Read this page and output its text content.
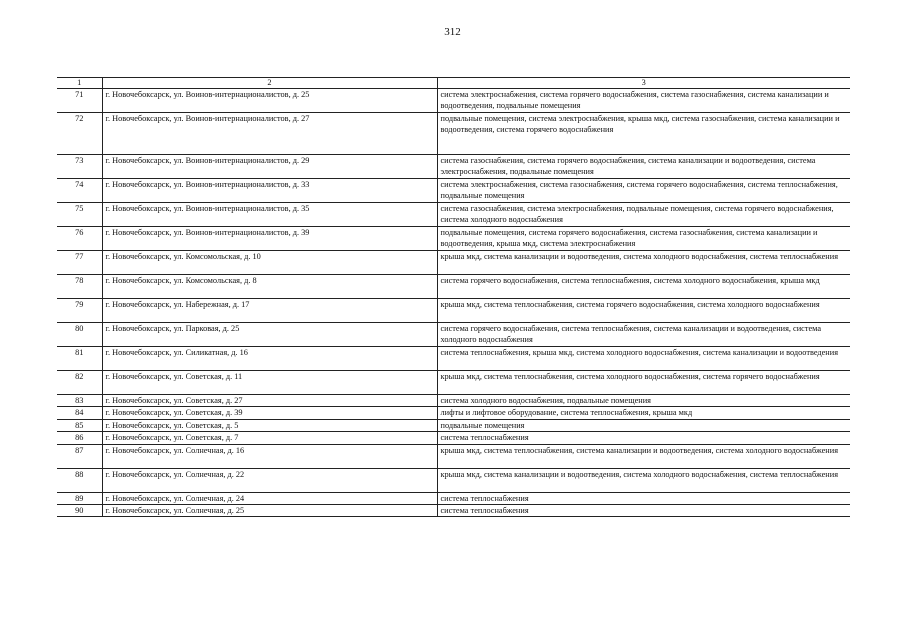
312
1	2	3
71	г. Новочебоксарск, ул. Воинов-интернационалистов, д. 25	система электроснабжения, система горячего водоснабжения, система газоснабжения, система канализации и водоотведения, подвальные помещения
72	г. Новочебоксарск, ул. Воинов-интернационалистов, д. 27	подвальные помещения, система электроснабжения, крыша мкд, система газоснабжения, система канализации и водоотведения, система горячего водоснабжения
73	г. Новочебоксарск, ул. Воинов-интернационалистов, д. 29	система газоснабжения, система горячего водоснабжения, система канализации и водоотведения, система электроснабжения, подвальные помещения
74	г. Новочебоксарск, ул. Воинов-интернационалистов, д. 33	система электроснабжения, система газоснабжения, система горячего водоснабжения, система теплоснабжения, подвальные помещения
75	г. Новочебоксарск, ул. Воинов-интернационалистов, д. 35	система газоснабжения, система электроснабжения, подвальные помещения, система горячего водоснабжения, система холодного водоснабжения
76	г. Новочебоксарск, ул. Воинов-интернационалистов, д. 39	подвальные помещения, система горячего водоснабжения, система газоснабжения, система канализации и водоотведения, крыша мкд, система электроснабжения
77	г. Новочебоксарск, ул. Комсомольская, д. 10	крыша мкд, система канализации и водоотведения, система холодного водоснабжения, система теплоснабжения
78	г. Новочебоксарск, ул. Комсомольская, д. 8	система горячего водоснабжения, система теплоснабжения, система холодного водоснабжения, крыша мкд
79	г. Новочебоксарск, ул. Набережная, д. 17	крыша мкд, система теплоснабжения, система горячего водоснабжения, система холодного водоснабжения
80	г. Новочебоксарск, ул. Парковая, д. 25	система горячего водоснабжения, система теплоснабжения, система канализации и водоотведения, система холодного водоснабжения
81	г. Новочебоксарск, ул. Силикатная, д. 16	система теплоснабжения, крыша мкд, система холодного водоснабжения, система канализации и водоотведения
82	г. Новочебоксарск, ул. Советская, д. 11	крыша мкд, система теплоснабжения, система холодного водоснабжения, система горячего водоснабжения
83	г. Новочебоксарск, ул. Советская, д. 27	система холодного водоснабжения, подвальные помещения
84	г. Новочебоксарск, ул. Советская, д. 39	лифты и лифтовое оборудование, система теплоснабжения, крыша мкд
85	г. Новочебоксарск, ул. Советская, д. 5	подвальные помещения
86	г. Новочебоксарск, ул. Советская, д. 7	система теплоснабжения
87	г. Новочебоксарск, ул. Солнечная, д. 16	крыша мкд, система теплоснабжения, система канализации и водоотведения, система холодного водоснабжения
88	г. Новочебоксарск, ул. Солнечная, д. 22	крыша мкд, система канализации и водоотведения, система холодного водоснабжения, система теплоснабжения
89	г. Новочебоксарск, ул. Солнечная, д. 24	система теплоснабжения
90	г. Новочебоксарск, ул. Солнечная, д. 25	система теплоснабжения
